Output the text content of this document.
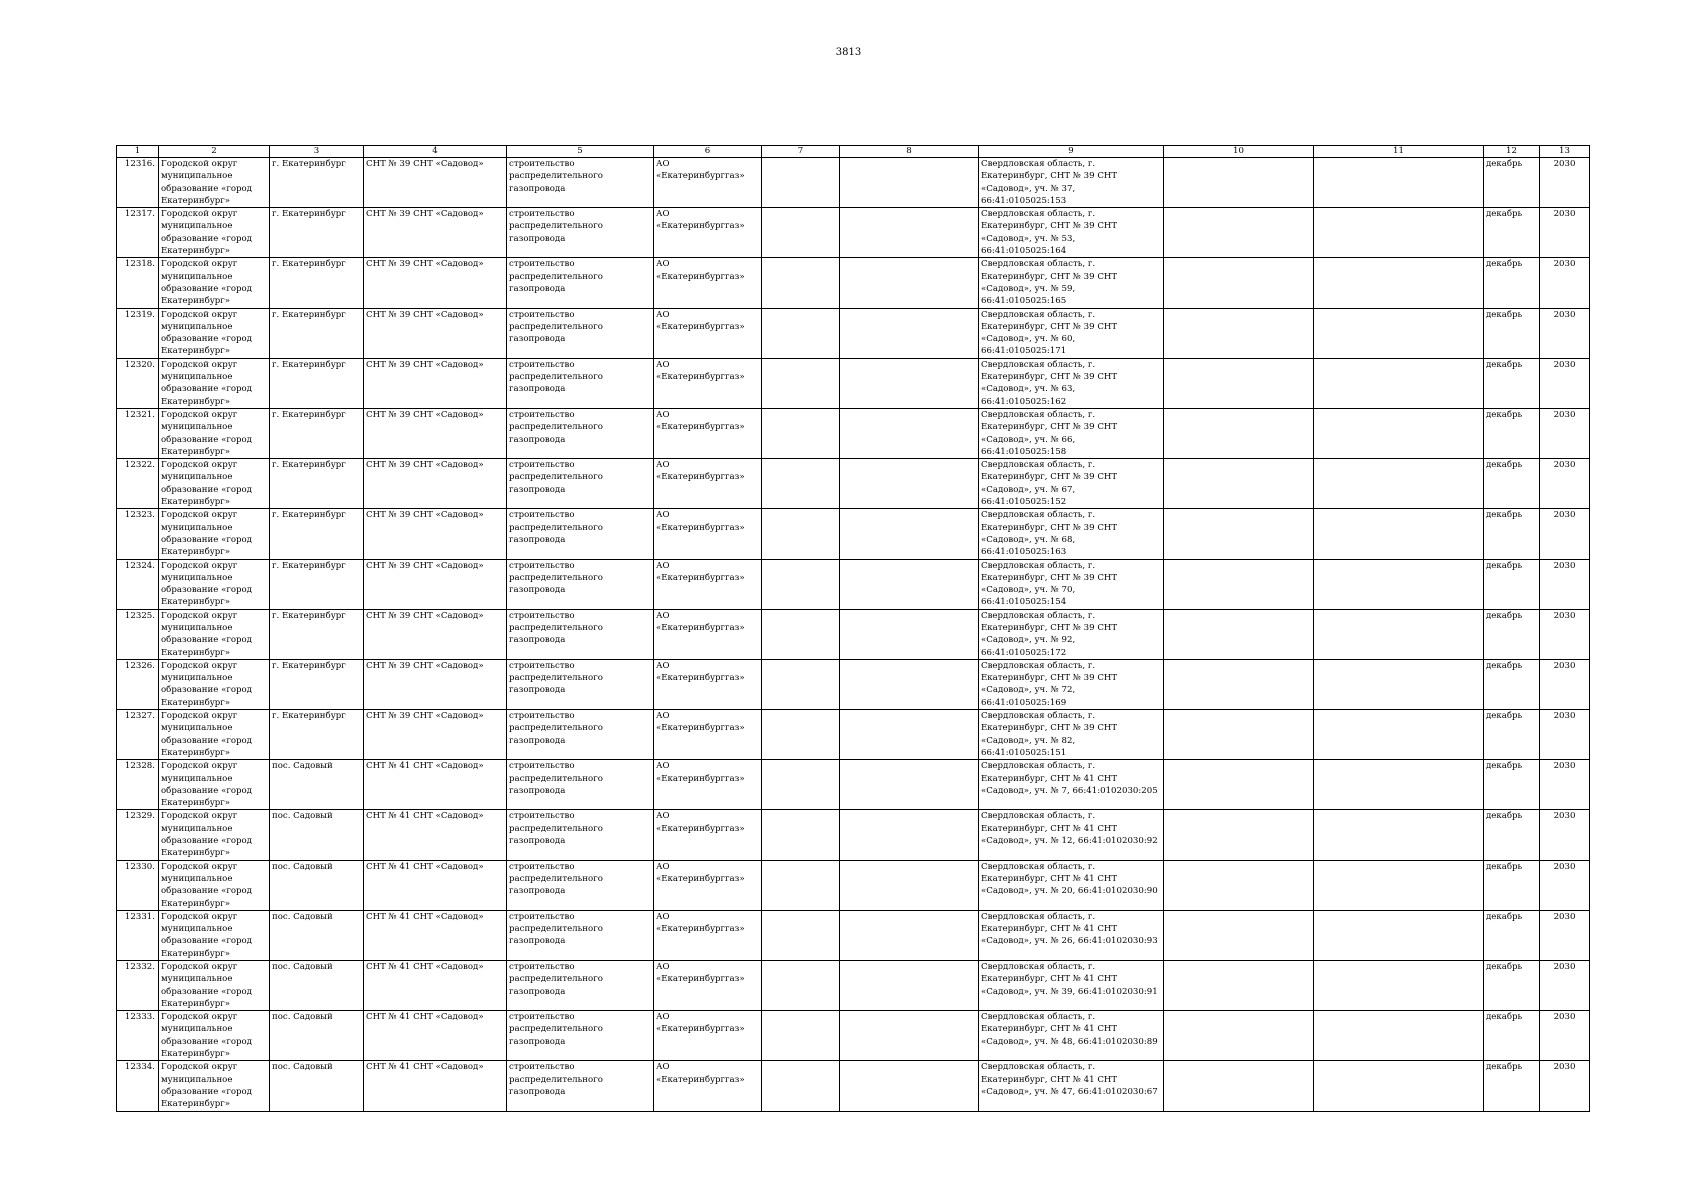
3813
1	2	3	4	5	6	7	8	9	10	11	12	13
12316.	Городской округ муниципальное образование «город Екатеринбург»	г. Екатеринбург	СНТ № 39 СНТ «Садовод»	строительство распределительного газопровода	АО «Екатеринбурггаз»			Свердловская область, г. Екатеринбург, СНТ № 39 СНТ «Садовод», уч. № 37, 66:41:0105025:153			декабрь	2030
12317.	Городской округ муниципальное образование «город Екатеринбург»	г. Екатеринбург	СНТ № 39 СНТ «Садовод»	строительство распределительного газопровода	АО «Екатеринбурггаз»			Свердловская область, г. Екатеринбург, СНТ № 39 СНТ «Садовод», уч. № 53, 66:41:0105025:164			декабрь	2030
12318.	Городской округ муниципальное образование «город Екатеринбург»	г. Екатеринбург	СНТ № 39 СНТ «Садовод»	строительство распределительного газопровода	АО «Екатеринбурггаз»			Свердловская область, г. Екатеринбург, СНТ № 39 СНТ «Садовод», уч. № 59, 66:41:0105025:165			декабрь	2030
12319.	Городской округ муниципальное образование «город Екатеринбург»	г. Екатеринбург	СНТ № 39 СНТ «Садовод»	строительство распределительного газопровода	АО «Екатеринбурггаз»			Свердловская область, г. Екатеринбург, СНТ № 39 СНТ «Садовод», уч. № 60, 66:41:0105025:171			декабрь	2030
12320.	Городской округ муниципальное образование «город Екатеринбург»	г. Екатеринбург	СНТ № 39 СНТ «Садовод»	строительство распределительного газопровода	АО «Екатеринбурггаз»			Свердловская область, г. Екатеринбург, СНТ № 39 СНТ «Садовод», уч. № 63, 66:41:0105025:162			декабрь	2030
12321.	Городской округ муниципальное образование «город Екатеринбург»	г. Екатеринбург	СНТ № 39 СНТ «Садовод»	строительство распределительного газопровода	АО «Екатеринбурггаз»			Свердловская область, г. Екатеринбург, СНТ № 39 СНТ «Садовод», уч. № 66, 66:41:0105025:158			декабрь	2030
12322.	Городской округ муниципальное образование «город Екатеринбург»	г. Екатеринбург	СНТ № 39 СНТ «Садовод»	строительство распределительного газопровода	АО «Екатеринбурггаз»			Свердловская область, г. Екатеринбург, СНТ № 39 СНТ «Садовод», уч. № 67, 66:41:0105025:152			декабрь	2030
12323.	Городской округ муниципальное образование «город Екатеринбург»	г. Екатеринбург	СНТ № 39 СНТ «Садовод»	строительство распределительного газопровода	АО «Екатеринбурггаз»			Свердловская область, г. Екатеринбург, СНТ № 39 СНТ «Садовод», уч. № 68, 66:41:0105025:163			декабрь	2030
12324.	Городской округ муниципальное образование «город Екатеринбург»	г. Екатеринбург	СНТ № 39 СНТ «Садовод»	строительство распределительного газопровода	АО «Екатеринбурггаз»			Свердловская область, г. Екатеринбург, СНТ № 39 СНТ «Садовод», уч. № 70, 66:41:0105025:154			декабрь	2030
12325.	Городской округ муниципальное образование «город Екатеринбург»	г. Екатеринбург	СНТ № 39 СНТ «Садовод»	строительство распределительного газопровода	АО «Екатеринбурггаз»			Свердловская область, г. Екатеринбург, СНТ № 39 СНТ «Садовод», уч. № 92, 66:41:0105025:172			декабрь	2030
12326.	Городской округ муниципальное образование «город Екатеринбург»	г. Екатеринбург	СНТ № 39 СНТ «Садовод»	строительство распределительного газопровода	АО «Екатеринбурггаз»			Свердловская область, г. Екатеринбург, СНТ № 39 СНТ «Садовод», уч. № 72, 66:41:0105025:169			декабрь	2030
12327.	Городской округ муниципальное образование «город Екатеринбург»	г. Екатеринбург	СНТ № 39 СНТ «Садовод»	строительство распределительного газопровода	АО «Екатеринбурггаз»			Свердловская область, г. Екатеринбург, СНТ № 39 СНТ «Садовод», уч. № 82, 66:41:0105025:151			декабрь	2030
12328.	Городской округ муниципальное образование «город Екатеринбург»	пос. Садовый	СНТ № 41 СНТ «Садовод»	строительство распределительного газопровода	АО «Екатеринбурггаз»			Свердловская область, г. Екатеринбург, СНТ № 41 СНТ «Садовод», уч. № 7, 66:41:0102030:205			декабрь	2030
12329.	Городской округ муниципальное образование «город Екатеринбург»	пос. Садовый	СНТ № 41 СНТ «Садовод»	строительство распределительного газопровода	АО «Екатеринбурггаз»			Свердловская область, г. Екатеринбург, СНТ № 41 СНТ «Садовод», уч. № 12, 66:41:0102030:92			декабрь	2030
12330.	Городской округ муниципальное образование «город Екатеринбург»	пос. Садовый	СНТ № 41 СНТ «Садовод»	строительство распределительного газопровода	АО «Екатеринбурггаз»			Свердловская область, г. Екатеринбург, СНТ № 41 СНТ «Садовод», уч. № 20, 66:41:0102030:90			декабрь	2030
12331.	Городской округ муниципальное образование «город Екатеринбург»	пос. Садовый	СНТ № 41 СНТ «Садовод»	строительство распределительного газопровода	АО «Екатеринбурггаз»			Свердловская область, г. Екатеринбург, СНТ № 41 СНТ «Садовод», уч. № 26, 66:41:0102030:93			декабрь	2030
12332.	Городской округ муниципальное образование «город Екатеринбург»	пос. Садовый	СНТ № 41 СНТ «Садовод»	строительство распределительного газопровода	АО «Екатеринбурггаз»			Свердловская область, г. Екатеринбург, СНТ № 41 СНТ «Садовод», уч. № 39, 66:41:0102030:91			декабрь	2030
12333.	Городской округ муниципальное образование «город Екатеринбург»	пос. Садовый	СНТ № 41 СНТ «Садовод»	строительство распределительного газопровода	АО «Екатеринбурггаз»			Свердловская область, г. Екатеринбург, СНТ № 41 СНТ «Садовод», уч. № 48, 66:41:0102030:89			декабрь	2030
12334.	Городской округ муниципальное образование «город Екатеринбург»	пос. Садовый	СНТ № 41 СНТ «Садовод»	строительство распределительного газопровода	АО «Екатеринбурггаз»			Свердловская область, г. Екатеринбург, СНТ № 41 СНТ «Садовод», уч. № 47, 66:41:0102030:67			декабрь	2030
